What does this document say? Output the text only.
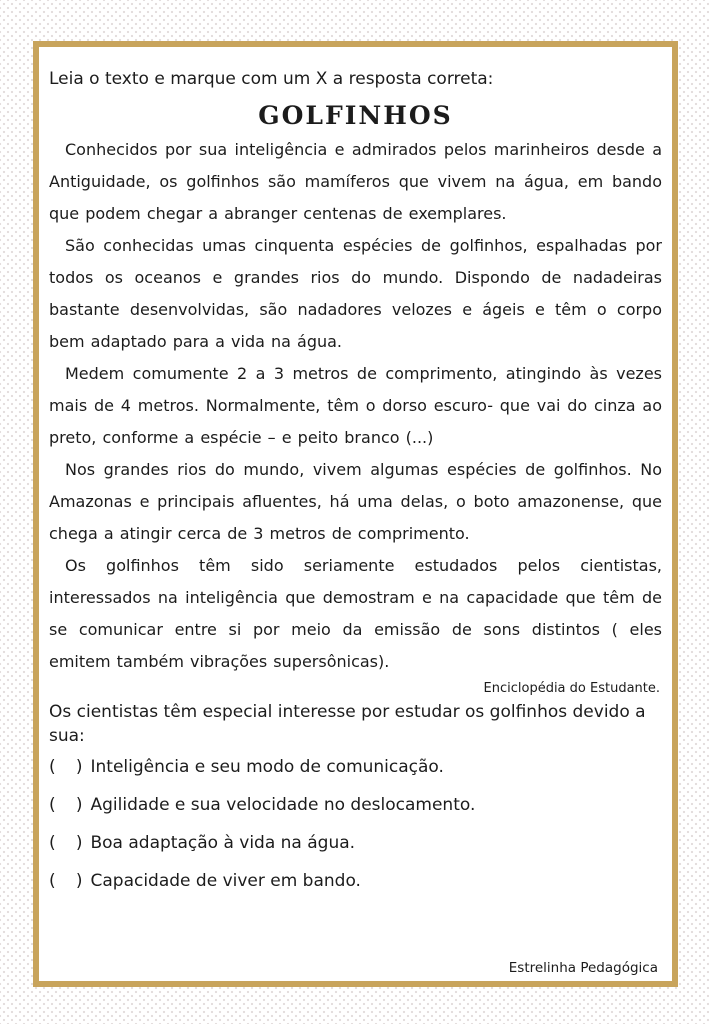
Leia o texto e marque com um X a resposta correta:

GOLFINHOS

Conhecidos por sua inteligência e admirados pelos marinheiros desde a Antiguidade, os golfinhos são mamíferos que vivem na água, em bando que podem chegar a abranger centenas de exemplares.

São conhecidas umas cinquenta espécies de golfinhos, espalhadas por todos os oceanos e grandes rios do mundo. Dispondo de nadadeiras bastante desenvolvidas, são nadadores velozes e ágeis e têm o corpo bem adaptado para a vida na água.

Medem comumente 2 a 3 metros de comprimento, atingindo às vezes mais de 4 metros. Normalmente, têm o dorso escuro- que vai do cinza ao preto, conforme a espécie – e peito branco (...)

Nos grandes rios do mundo, vivem algumas espécies de golfinhos. No Amazonas e principais afluentes, há uma delas, o boto amazonense, que chega a atingir cerca de 3 metros de comprimento.

Os golfinhos têm sido seriamente estudados pelos cientistas, interessados na inteligência que demostram e na capacidade que têm de se comunicar entre si por meio da emissão de sons distintos ( eles emitem também vibrações supersônicas).

Enciclopédia do Estudante.

Os cientistas têm especial interesse por estudar os golfinhos devido a sua:

(   ) Inteligência e seu modo de comunicação.
(   ) Agilidade e sua velocidade no deslocamento.
(   ) Boa adaptação à vida na água.
(   ) Capacidade de viver em bando.

Estrelinha Pedagógica
